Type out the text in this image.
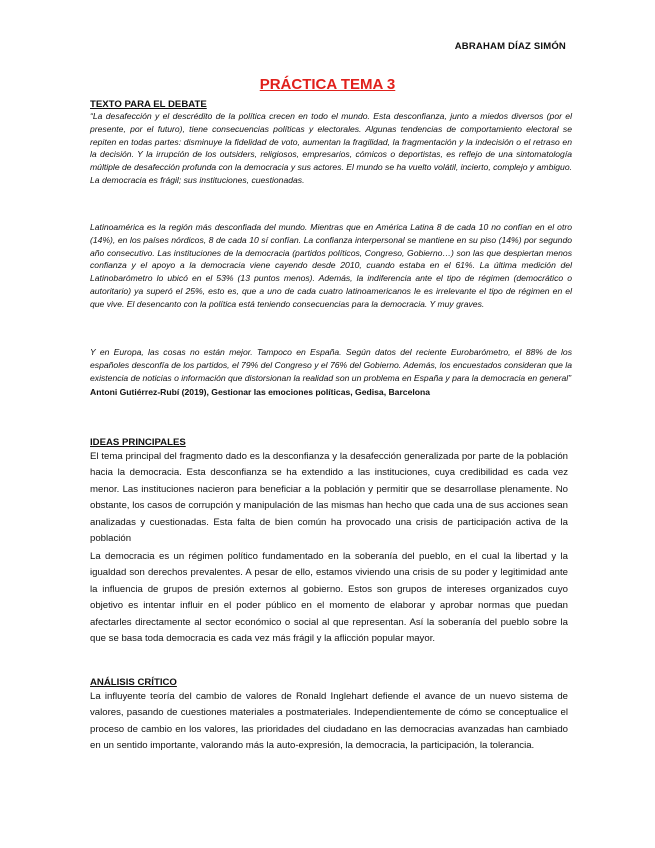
ABRAHAM DÍAZ SIMÓN
PRÁCTICA TEMA 3
TEXTO PARA EL DEBATE

“La desafección y el descrédito de la política crecen en todo el mundo. Esta desconfianza, junto a miedos diversos (por el presente, por el futuro), tiene consecuencias políticas y electorales. Algunas tendencias de comportamiento electoral se repiten en todas partes: disminuye la fidelidad de voto, aumentan la fragilidad, la fragmentación y la indecisión o el retraso en la decisión. Y la irrupción de los outsiders, religiosos, empresarios, cómicos o deportistas, es reflejo de una sintomatología múltiple de desafección profunda con la democracia y sus actores. El mundo se ha vuelto volátil, incierto, complejo y ambiguo. La democracia es frágil; sus instituciones, cuestionadas.

Latinoamérica es la región más desconfiada del mundo. Mientras que en América Latina 8 de cada 10 no confían en el otro (14%), en los países nórdicos, 8 de cada 10 sí confían. La confianza interpersonal se mantiene en su piso (14%) por segundo año consecutivo. Las instituciones de la democracia (partidos políticos, Congreso, Gobierno…) son las que despiertan menos confianza y el apoyo a la democracia viene cayendo desde 2010, cuando estaba en el 61%. La última medición del Latinobarómetro lo ubicó en el 53% (13 puntos menos). Además, la indiferencia ante el tipo de régimen (democrático o autoritario) ya superó el 25%, esto es, que a uno de cada cuatro latinoamericanos le es irrelevante el tipo de régimen en el que vive. El desencanto con la política está teniendo consecuencias para la democracia. Y muy graves.

Y en Europa, las cosas no están mejor. Tampoco en España. Según datos del reciente Eurobarómetro, el 88% de los españoles desconfía de los partidos, el 79% del Congreso y el 76% del Gobierno. Además, los encuestados consideran que la existencia de noticias o información que distorsionan la realidad son un problema en España y para la democracia en general”

Antoni Gutiérrez-Rubí (2019), Gestionar las emociones políticas, Gedisa, Barcelona
IDEAS PRINCIPALES

El tema principal del fragmento dado es la desconfianza y la desafección generalizada por parte de la población hacia la democracia. Esta desconfianza se ha extendido a las instituciones, cuya credibilidad es cada vez menor. Las instituciones nacieron para beneficiar a la población y permitir que se desarrollase plenamente. No obstante, los casos de corrupción y manipulación de las mismas han hecho que cada una de sus acciones sean analizadas y cuestionadas. Esta falta de bien común ha provocado una crisis de participación activa de la población

La democracia es un régimen político fundamentado en la soberanía del pueblo, en el cual la libertad y la igualdad son derechos prevalentes. A pesar de ello, estamos viviendo una crisis de su poder y legitimidad ante la influencia de grupos de presión externos al gobierno. Estos son grupos de intereses organizados cuyo objetivo es intentar influir en el poder público en el momento de elaborar y aprobar normas que puedan afectarles directamente al sector económico o social al que representan. Así la soberanía del pueblo sobre la que se basa toda democracia es cada vez más frágil y la aflicción popular mayor.

ANÁLISIS CRÍTICO

La influyente teoría del cambio de valores de Ronald Inglehart defiende el avance de un nuevo sistema de valores, pasando de cuestiones materiales a postmateriales. Independientemente de cómo se conceptualice el proceso de cambio en los valores, las prioridades del ciudadano en las democracias avanzadas han cambiado en un sentido importante, valorando más la auto-expresión, la democracia, la participación, la tolerancia.
